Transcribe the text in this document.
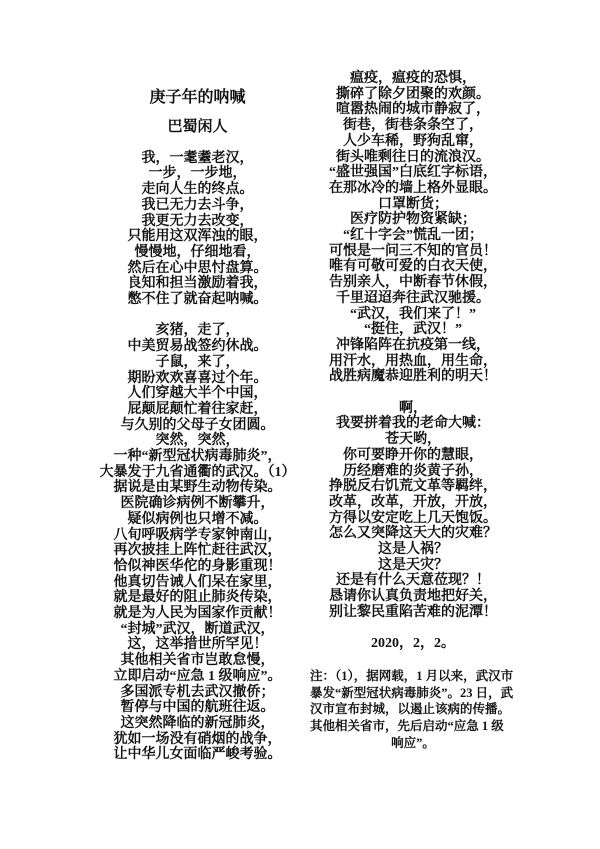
庚子年的呐喊
巴蜀闲人
我，一耄耋老汉，
一步，一步地，
走向人生的终点。
我已无力去斗争，
我更无力去改变，
只能用这双浑浊的眼，
慢慢地，仔细地看，
然后在心中思忖盘算。
良知和担当激励着我，
憋不住了就奋起呐喊。
亥猪，走了，
中美贸易战签约休战。
子鼠，来了，
期盼欢欢喜喜过个年。
人们穿越大半个中国，
屁颠屁颠忙着往家赶，
与久别的父母子女团圆。
突然，突然，
一种“新型冠状病毒肺炎”，
大暴发于九省通衢的武汉。（1）
据说是由某野生动物传染。
医院确诊病例不断攀升，
疑似病例也只增不减。
八旬呼吸病学专家钟南山，
再次披挂上阵忙赶往武汉，
恰似神医华佗的身影重现！
他真切告诫人们呆在家里，
就是最好的阻止肺炎传染，
就是为人民为国家作贡献！
“封城”武汉，断道武汉，
这，这举措世所罕见！
其他相关省市岂敢怠慢，
立即启动“应急 1 级响应”。
多国派专机去武汉撤侨；
暂停与中国的航班往返。
这突然降临的新冠肺炎，
犹如一场没有硝烟的战争，
让中华儿女面临严峻考验。
瘟疫，瘟疫的恐惧，
撕碎了除夕团聚的欢颜。
喧嚣热闹的城市静寂了，
街巷，街巷条条空了，
人少车稀，野狗乱窜，
街头唯剩往日的流浪汉。
“盛世强国”白底红字标语，
在那冰冷的墙上格外显眼。
口罩断货；
医疗防护物资紧缺；
“红十字会”慌乱一团；
可恨是一问三不知的官员！
唯有可敬可爱的白衣天使，
告别亲人，中断春节休假，
千里迢迢奔往武汉驰援。
“武汉，我们来了！”
“挺住，武汉！”
冲锋陷阵在抗疫第一线，
用汗水，用热血，用生命，
战胜病魔恭迎胜利的明天！
啊，
我要拼着我的老命大喊：
苍天哟，
你可要睁开你的慧眼，
历经磨难的炎黄子孙，
挣脱反右饥荒文革等羁绊，
改革，改革，开放，开放，
方得以安定吃上几天饱饭。
怎么又突降这天大的灾难？
这是人祸？
这是天灾？
还是有什么天意莅现？！
恳请你认真负责地把好关，
别让黎民重陷苦难的泥潭！
2020，2，2。
注：（1），据网载，1 月以来，武汉市
暴发“新型冠状病毒肺炎”。23 日，武
汉市宣布封城，以遏止该病的传播。
其他相关省市，先后启动“应急 1 级
响应”。
